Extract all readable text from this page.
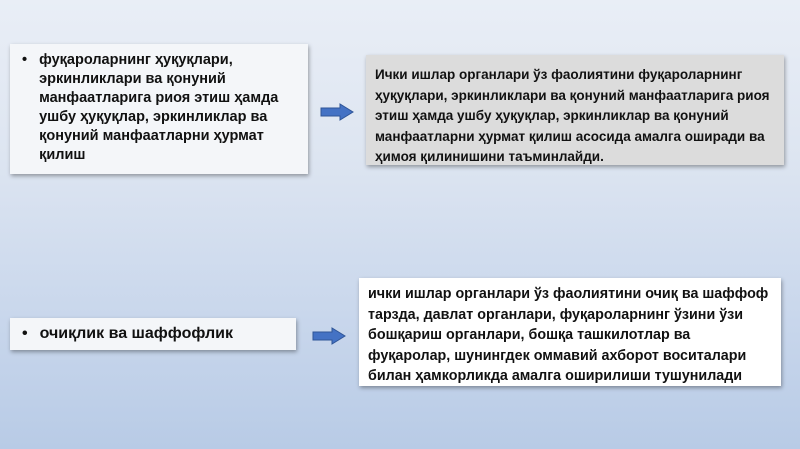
• фуқароларнинг ҳуқуқлари, эркинликлари ва қонуний манфаатларига риоя этиш ҳамда ушбу ҳуқуқлар, эркинликлар ва қонуний манфаатларни ҳурмат қилиш
Ички ишлар органлари ўз фаолиятини фуқароларнинг ҳуқуқлари, эркинликлари ва қонуний манфаатларига риоя этиш ҳамда ушбу ҳуқуқлар, эркинликлар ва қонуний манфаатларни ҳурмат қилиш асосида амалга оширади ва ҳимоя қилинишини таъминлайди.
• очиқлик ва шаффофлик
ички ишлар органлари ўз фаолиятини очиқ ва шаффоф тарзда, давлат органлари, фуқароларнинг ўзини ўзи бошқариш органлари, бошқа ташкилотлар ва фуқаролар, шунингдек оммавий ахборот воситалари билан ҳамкорликда амалга оширилиши тушунилади
